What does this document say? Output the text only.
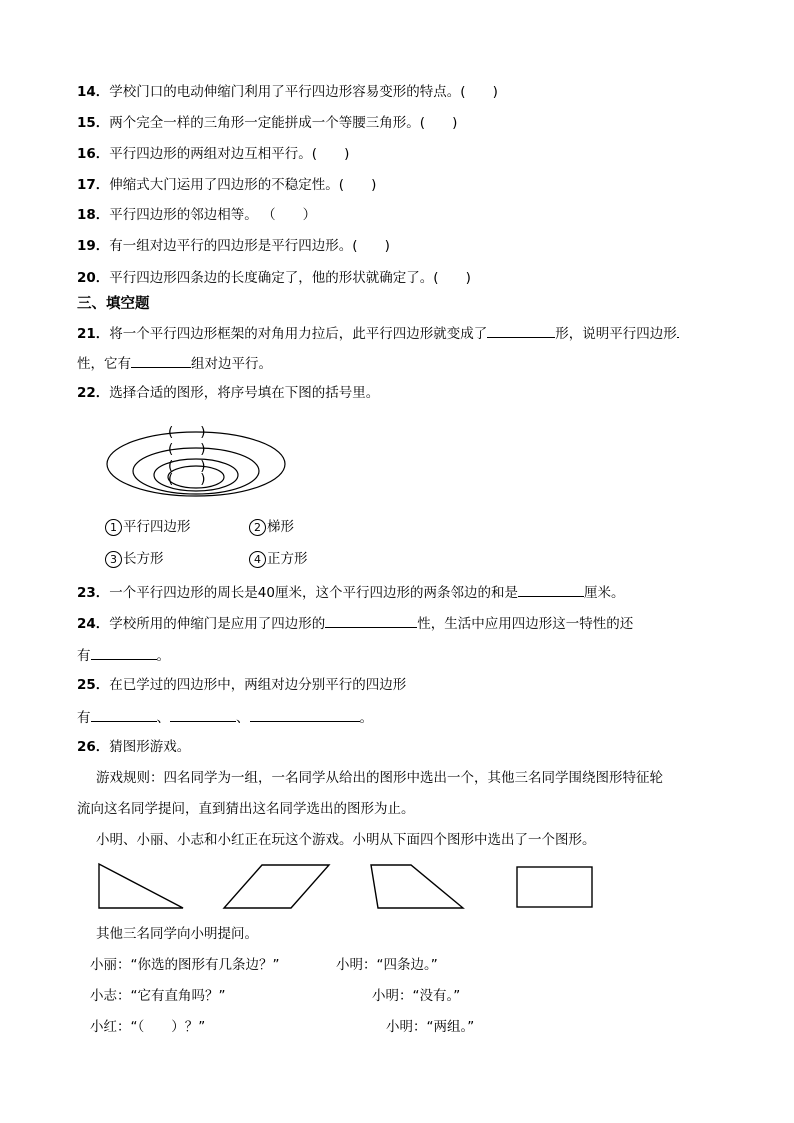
14．学校门口的电动伸缩门利用了平行四边形容易变形的特点。(　　)
15．两个完全一样的三角形一定能拼成一个等腰三角形。(　　)
16．平行四边形的两组对边互相平行。(　　)
17．伸缩式大门运用了四边形的不稳定性。(　　)
18．平行四边形的邻边相等。 （　　）
19．有一组对边平行的四边形是平行四边形。(　　)
20．平行四边形四条边的长度确定了，他的形状就确定了。(　　)
三、填空题
21．将一个平行四边形框架的对角用力拉后，此平行四边形就变成了	形，说明平行四边形
性，它有	组对边平行。
22．选择合适的图形，将序号填在下图的括号里。
(　　)
(　　)
(　　)
(　　)
1 平行四边形	2 梯形
3 长方形	4 正方形
23．一个平行四边形的周长是40厘米，这个平行四边形的两条邻边的和是	厘米。
24．学校所用的伸缩门是应用了四边形的	性，生活中应用四边形这一特性的还
有	。
25．在已学过的四边形中，两组对边分别平行的四边形
有	、	、	。
26．猜图形游戏。
游戏规则：四名同学为一组，一名同学从给出的图形中选出一个，其他三名同学围绕图形特征轮
流向这名同学提问，直到猜出这名同学选出的图形为止。
小明、小丽、小志和小红正在玩这个游戏。小明从下面四个图形中选出了一个图形。
其他三名同学向小明提问。
小丽：“你选的图形有几条边？”	小明：“四条边。”
小志：“它有直角吗？”	小明：“没有。”
小红：“（　　）？”	小明：“两组。”
